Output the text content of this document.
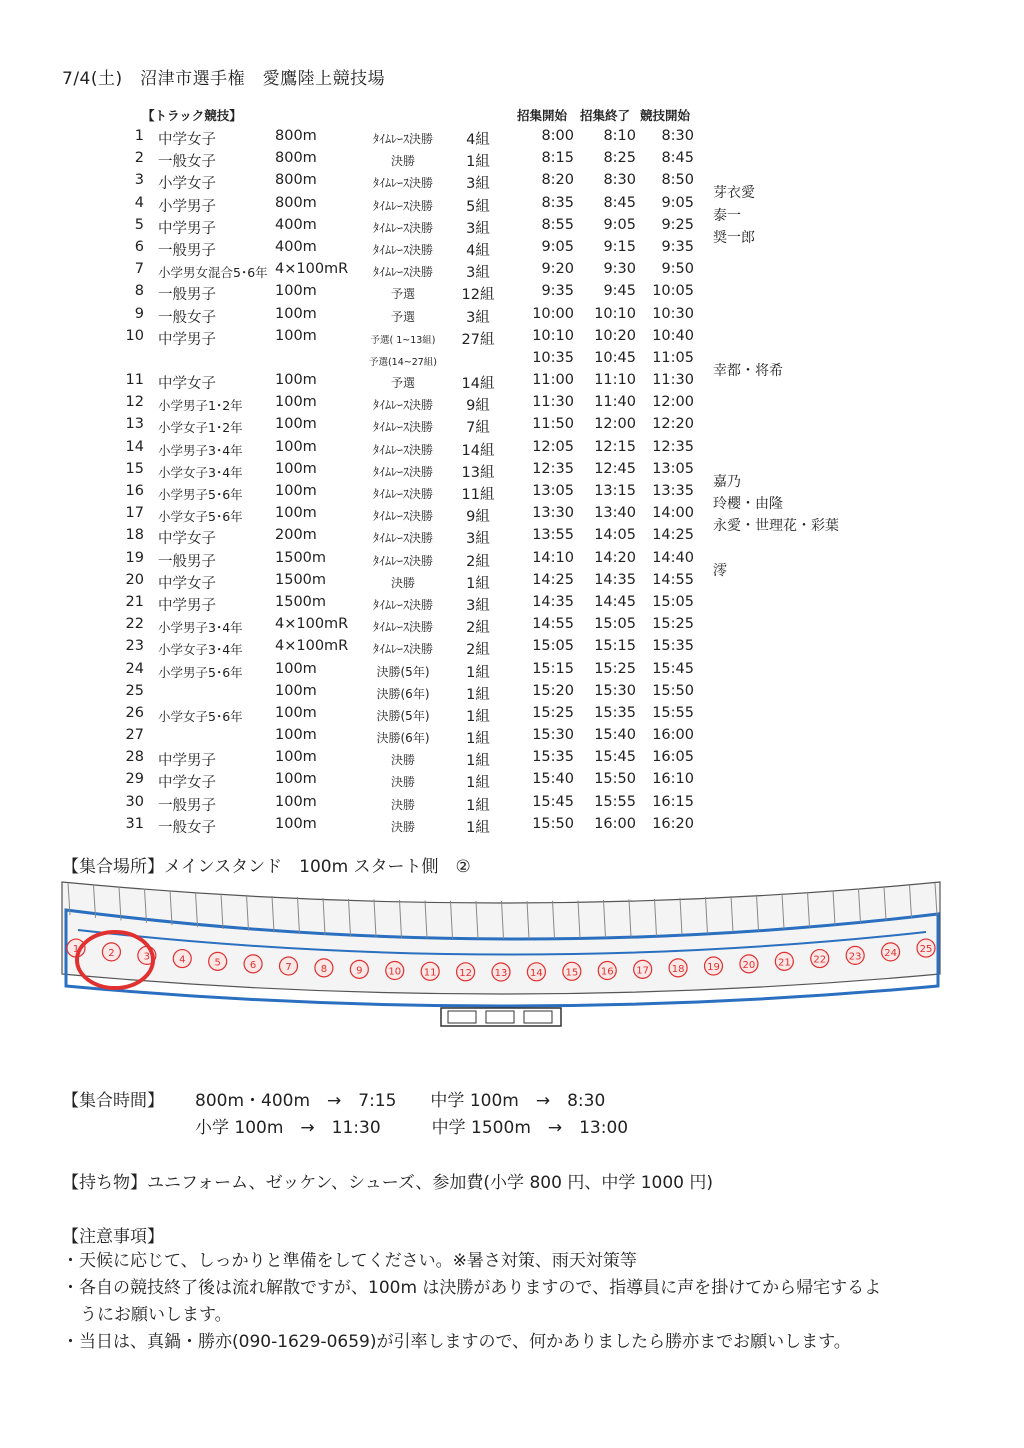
7/4(土)　沼津市選手権　愛鷹陸上競技場
【トラック競技】	招集開始 招集終了 競技開始
1 中学女子	800m	ﾀｲﾑﾚｰｽ決勝	4組	8:00	8:10	8:30
2 一般女子	800m	決勝	1組	8:15	8:25	8:45
3 小学女子	800m	ﾀｲﾑﾚｰｽ決勝	3組	8:20	8:30	8:50
芽衣愛
4 小学男子	800m	ﾀｲﾑﾚｰｽ決勝	5組	8:35	8:45	9:05
泰一
5 中学男子	400m	ﾀｲﾑﾚｰｽ決勝	3組	8:55	9:05	9:25
奨一郎
6 一般男子	400m	ﾀｲﾑﾚｰｽ決勝	4組	9:05	9:15	9:35
7 小学男女混合5･6年 4×100mR	ﾀｲﾑﾚｰｽ決勝	3組	9:20	9:30	9:50
8 一般男子	100m	予選	12組	9:35	9:45	10:05
9 一般女子	100m	予選	3組	10:00	10:10	10:30
10 中学男子	100m	予選( 1~13組)	27組	10:10	10:20	10:40
予選(14~27組)	10:35	10:45	11:05
幸都・将希
11 中学女子	100m	予選	14組	11:00	11:10	11:30
12 小学男子1･2年 100m	ﾀｲﾑﾚｰｽ決勝	9組	11:30	11:40	12:00
13 小学女子1･2年 100m	ﾀｲﾑﾚｰｽ決勝	7組	11:50	12:00	12:20
14 小学男子3･4年 100m	ﾀｲﾑﾚｰｽ決勝	14組	12:05	12:15	12:35
15 小学女子3･4年 100m	ﾀｲﾑﾚｰｽ決勝	13組	12:35	12:45	13:05
嘉乃
16 小学男子5･6年 100m	ﾀｲﾑﾚｰｽ決勝	11組	13:05	13:15	13:35
玲櫻・由隆
17 小学女子5･6年 100m	ﾀｲﾑﾚｰｽ決勝	9組	13:30	13:40	14:00
永愛・世理花・彩葉
18 中学女子	200m	ﾀｲﾑﾚｰｽ決勝	3組	13:55	14:05	14:25
19 一般男子	1500m	ﾀｲﾑﾚｰｽ決勝	2組	14:10	14:20	14:40
澪
20 中学女子	1500m	決勝	1組	14:25	14:35	14:55
21 中学男子	1500m	ﾀｲﾑﾚｰｽ決勝	3組	14:35	14:45	15:05
22 小学男子3･4年 4×100mR	ﾀｲﾑﾚｰｽ決勝	2組	14:55	15:05	15:25
23 小学女子3･4年 4×100mR	ﾀｲﾑﾚｰｽ決勝	2組	15:05	15:15	15:35
24 小学男子5･6年 100m	決勝(5年)	1組	15:15	15:25	15:45
25	100m	決勝(6年)	1組	15:20	15:30	15:50
26 小学女子5･6年 100m	決勝(5年)	1組	15:25	15:35	15:55
27	100m	決勝(6年)	1組	15:30	15:40	16:00
28 中学男子	100m	決勝	1組	15:35	15:45	16:05
29 中学女子	100m	決勝	1組	15:40	15:50	16:10
30 一般男子	100m	決勝	1組	15:45	15:55	16:15
31 一般女子	100m	決勝	1組	15:50	16:00	16:20
【集合場所】メインスタンド　100m スタート側　②
1	2	3	4	5	6	7	8	9	10 11 12 13 14 15 16 17 18 19 20 21 22 23 24 25
【集合時間】 800m・400m　→　7:15　　中学 100m　→　8:30
小学 100m　→　11:30　　　中学 1500m　→　13:00
【持ち物】ユニフォーム、ゼッケン、シューズ、参加費(小学 800 円、中学 1000 円)
【注意事項】
・天候に応じて、しっかりと準備をしてください。※暑さ対策、雨天対策等
・各自の競技終了後は流れ解散ですが、100m は決勝がありますので、指導員に声を掛けてから帰宅するよ
うにお願いします。
・当日は、真鍋・勝亦(090-1629-0659)が引率しますので、何かありましたら勝亦までお願いします。
